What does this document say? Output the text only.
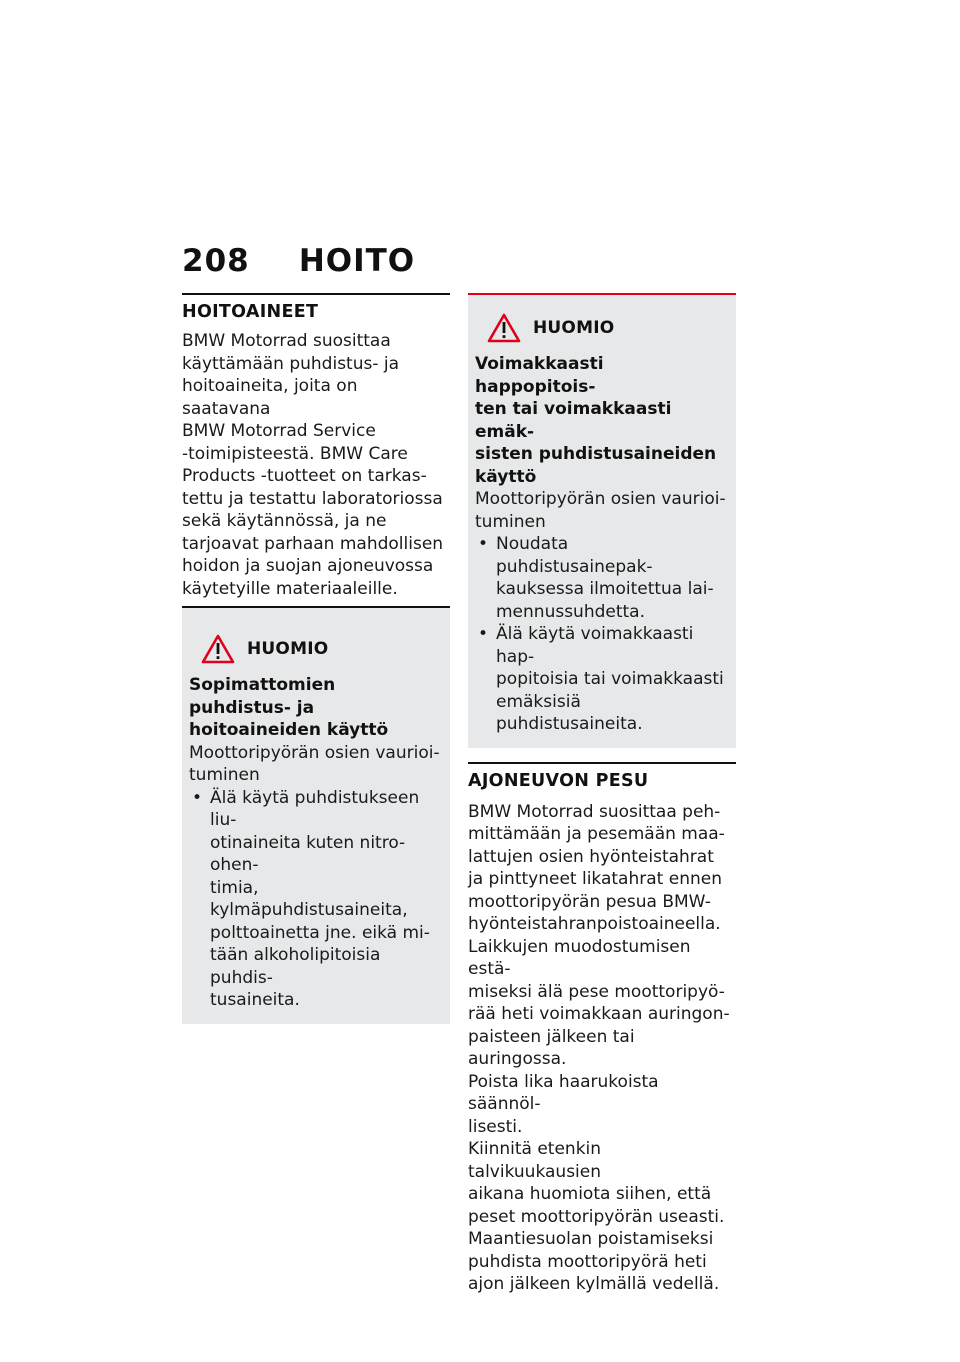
208 HOITO
HOITOAINEET

BMW Motorrad suosittaa

käyttämään puhdistus- ja

hoitoaineita, joita on saatavana

BMW Motorrad Service

-toimipisteestä. BMW Care

Products -tuotteet on tarkas-

tettu ja testattu laboratoriossa

sekä käytännössä, ja ne

tarjoavat parhaan mahdollisen

hoidon ja suojan ajoneuvossa

käytetyille materiaaleille.

HUOMIO

Sopimattomien puhdistus- ja

hoitoaineiden käyttö

Moottoripyörän osien vaurioi-

tuminen

• Älä käytä puhdistukseen liu-
otinaineita kuten nitro-ohen-
timia, kylmäpuhdistusaineita,
polttoainetta jne. eikä mi-
tään alkoholipitoisia puhdis-
tusaineita.
HUOMIO

Voimakkaasti happopitois-

ten tai voimakkaasti emäk-

sisten puhdistusaineiden

käyttö

Moottoripyörän osien vaurioi-

tuminen

• Noudata puhdistusainepak-
kauksessa ilmoitettua lai-
mennussuhdetta.
• Älä käytä voimakkaasti hap-
popitoisia tai voimakkaasti
emäksisiä puhdistusaineita.
AJONEUVON PESU

BMW Motorrad suosittaa peh-

mittämään ja pesemään maa-

lattujen osien hyönteistahrat

ja pinttyneet likatahrat ennen

moottoripyörän pesua BMW-

hyönteistahranpoistoaineella.

Laikkujen muodostumisen estä-

miseksi älä pese moottoripyö-

rää heti voimakkaan auringon-

paisteen jälkeen tai auringossa.

Poista lika haarukoista säännöl-

lisesti.

Kiinnitä etenkin talvikuukausien

aikana huomiota siihen, että

peset moottoripyörän useasti.

Maantiesuolan poistamiseksi

puhdista moottoripyörä heti

ajon jälkeen kylmällä vedellä.
